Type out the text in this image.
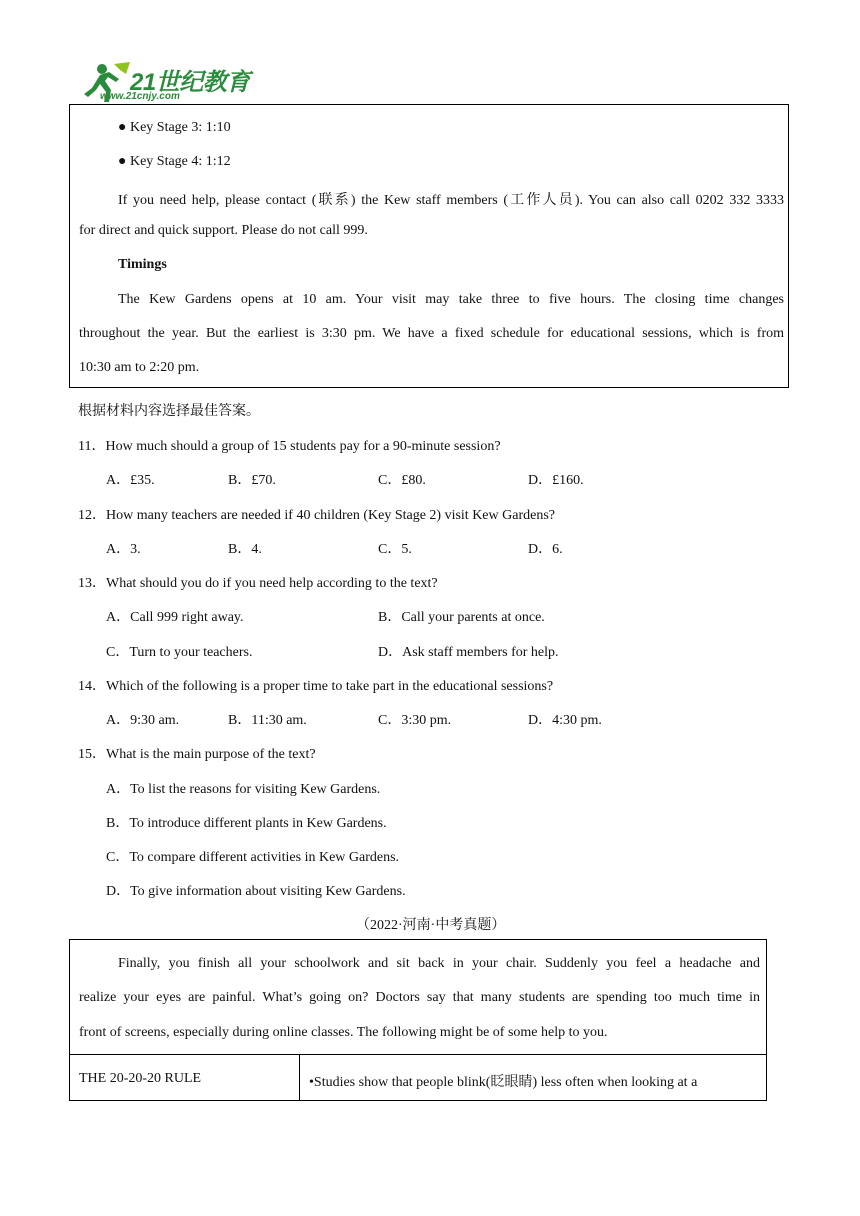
21世纪教育
www.21cnjy.com
● Key Stage 3: 1:10
● Key Stage 4: 1:12
If you need help, please contact (联系) the Kew staff members (工作人员). You can also call 0202 332 3333
for direct and quick support. Please do not call 999.
Timings
The Kew Gardens opens at 10 am. Your visit may take three to five hours. The closing time changes
throughout the year. But the earliest is 3:30 pm. We have a fixed schedule for educational sessions, which is from
10:30 am to 2:20 pm.
根据材料内容选择最佳答案。
11．How much should a group of 15 students pay for a 90-minute session?
A．£35.	B．£70.	C．£80.	D．£160.
12．How many teachers are needed if 40 children (Key Stage 2) visit Kew Gardens?
A．3.	B．4.	C．5.	D．6.
13．What should you do if you need help according to the text?
A．Call 999 right away.	B．Call your parents at once.
C．Turn to your teachers.	D．Ask staff members for help.
14．Which of the following is a proper time to take part in the educational sessions?
A．9:30 am.	B．11:30 am.	C．3:30 pm.	D．4:30 pm.
15．What is the main purpose of the text?
A．To list the reasons for visiting Kew Gardens.
B．To introduce different plants in Kew Gardens.
C．To compare different activities in Kew Gardens.
D．To give information about visiting Kew Gardens.
（2022·河南·中考真题）
Finally, you finish all your schoolwork and sit back in your chair. Suddenly you feel a headache and
realize your eyes are painful. What’s going on? Doctors say that many students are spending too much time in
front of screens, especially during online classes. The following might be of some help to you.
THE 20-20-20 RULE	•Studies show that people blink(眨眼睛) less often when looking at a
